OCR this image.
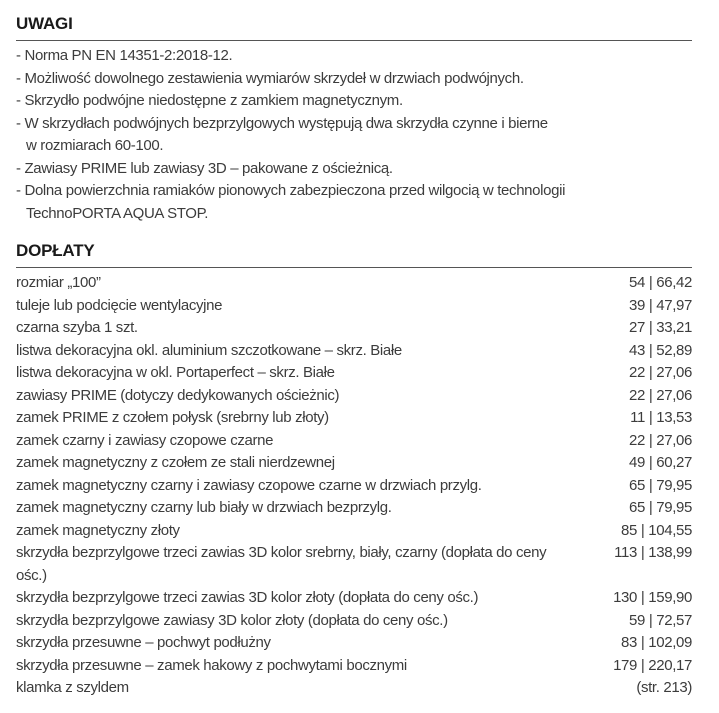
UWAGI
- Norma PN EN 14351-2:2018-12.
- Możliwość dowolnego zestawienia wymiarów skrzydeł w drzwiach podwójnych.
- Skrzydło podwójne niedostępne z zamkiem magnetycznym.
- W skrzydłach podwójnych bezprzylgowych występują dwa skrzydła czynne i bierne
w rozmiarach 60-100.
- Zawiasy PRIME lub zawiasy 3D – pakowane z ościeżnicą.
- Dolna powierzchnia ramiaków pionowych zabezpieczona przed wilgocią w technologii
TechnoPORTA AQUA STOP.
DOPŁATY
rozmiar „100”	54 | 66,42
tuleje lub podcięcie wentylacyjne	39 | 47,97
czarna szyba 1 szt.	27 | 33,21
listwa dekoracyjna okl. aluminium szczotkowane – skrz. Białe	43 | 52,89
listwa dekoracyjna w okl. Portaperfect – skrz. Białe	22 | 27,06
zawiasy PRIME (dotyczy dedykowanych ościeżnic)	22 | 27,06
zamek PRIME z czołem połysk (srebrny lub złoty)	11 | 13,53
zamek czarny i zawiasy czopowe czarne	22 | 27,06
zamek magnetyczny z czołem ze stali nierdzewnej	49 | 60,27
zamek magnetyczny czarny i zawiasy czopowe czarne w drzwiach przylg.	65 | 79,95
zamek magnetyczny czarny lub biały w drzwiach bezprzylg.	65 | 79,95
zamek magnetyczny złoty	85 | 104,55
skrzydła bezprzylgowe trzeci zawias 3D kolor srebrny, biały, czarny (dopłata do ceny ośc.)
113 | 138,99
skrzydła bezprzylgowe trzeci zawias 3D kolor złoty (dopłata do ceny ośc.)	130 | 159,90
skrzydła bezprzylgowe zawiasy 3D kolor złoty (dopłata do ceny ośc.)	59 | 72,57
skrzydła przesuwne – pochwyt podłużny	83 | 102,09
skrzydła przesuwne – zamek hakowy z pochwytami bocznymi	179 | 220,17
klamka z szyldem	(str. 213)
